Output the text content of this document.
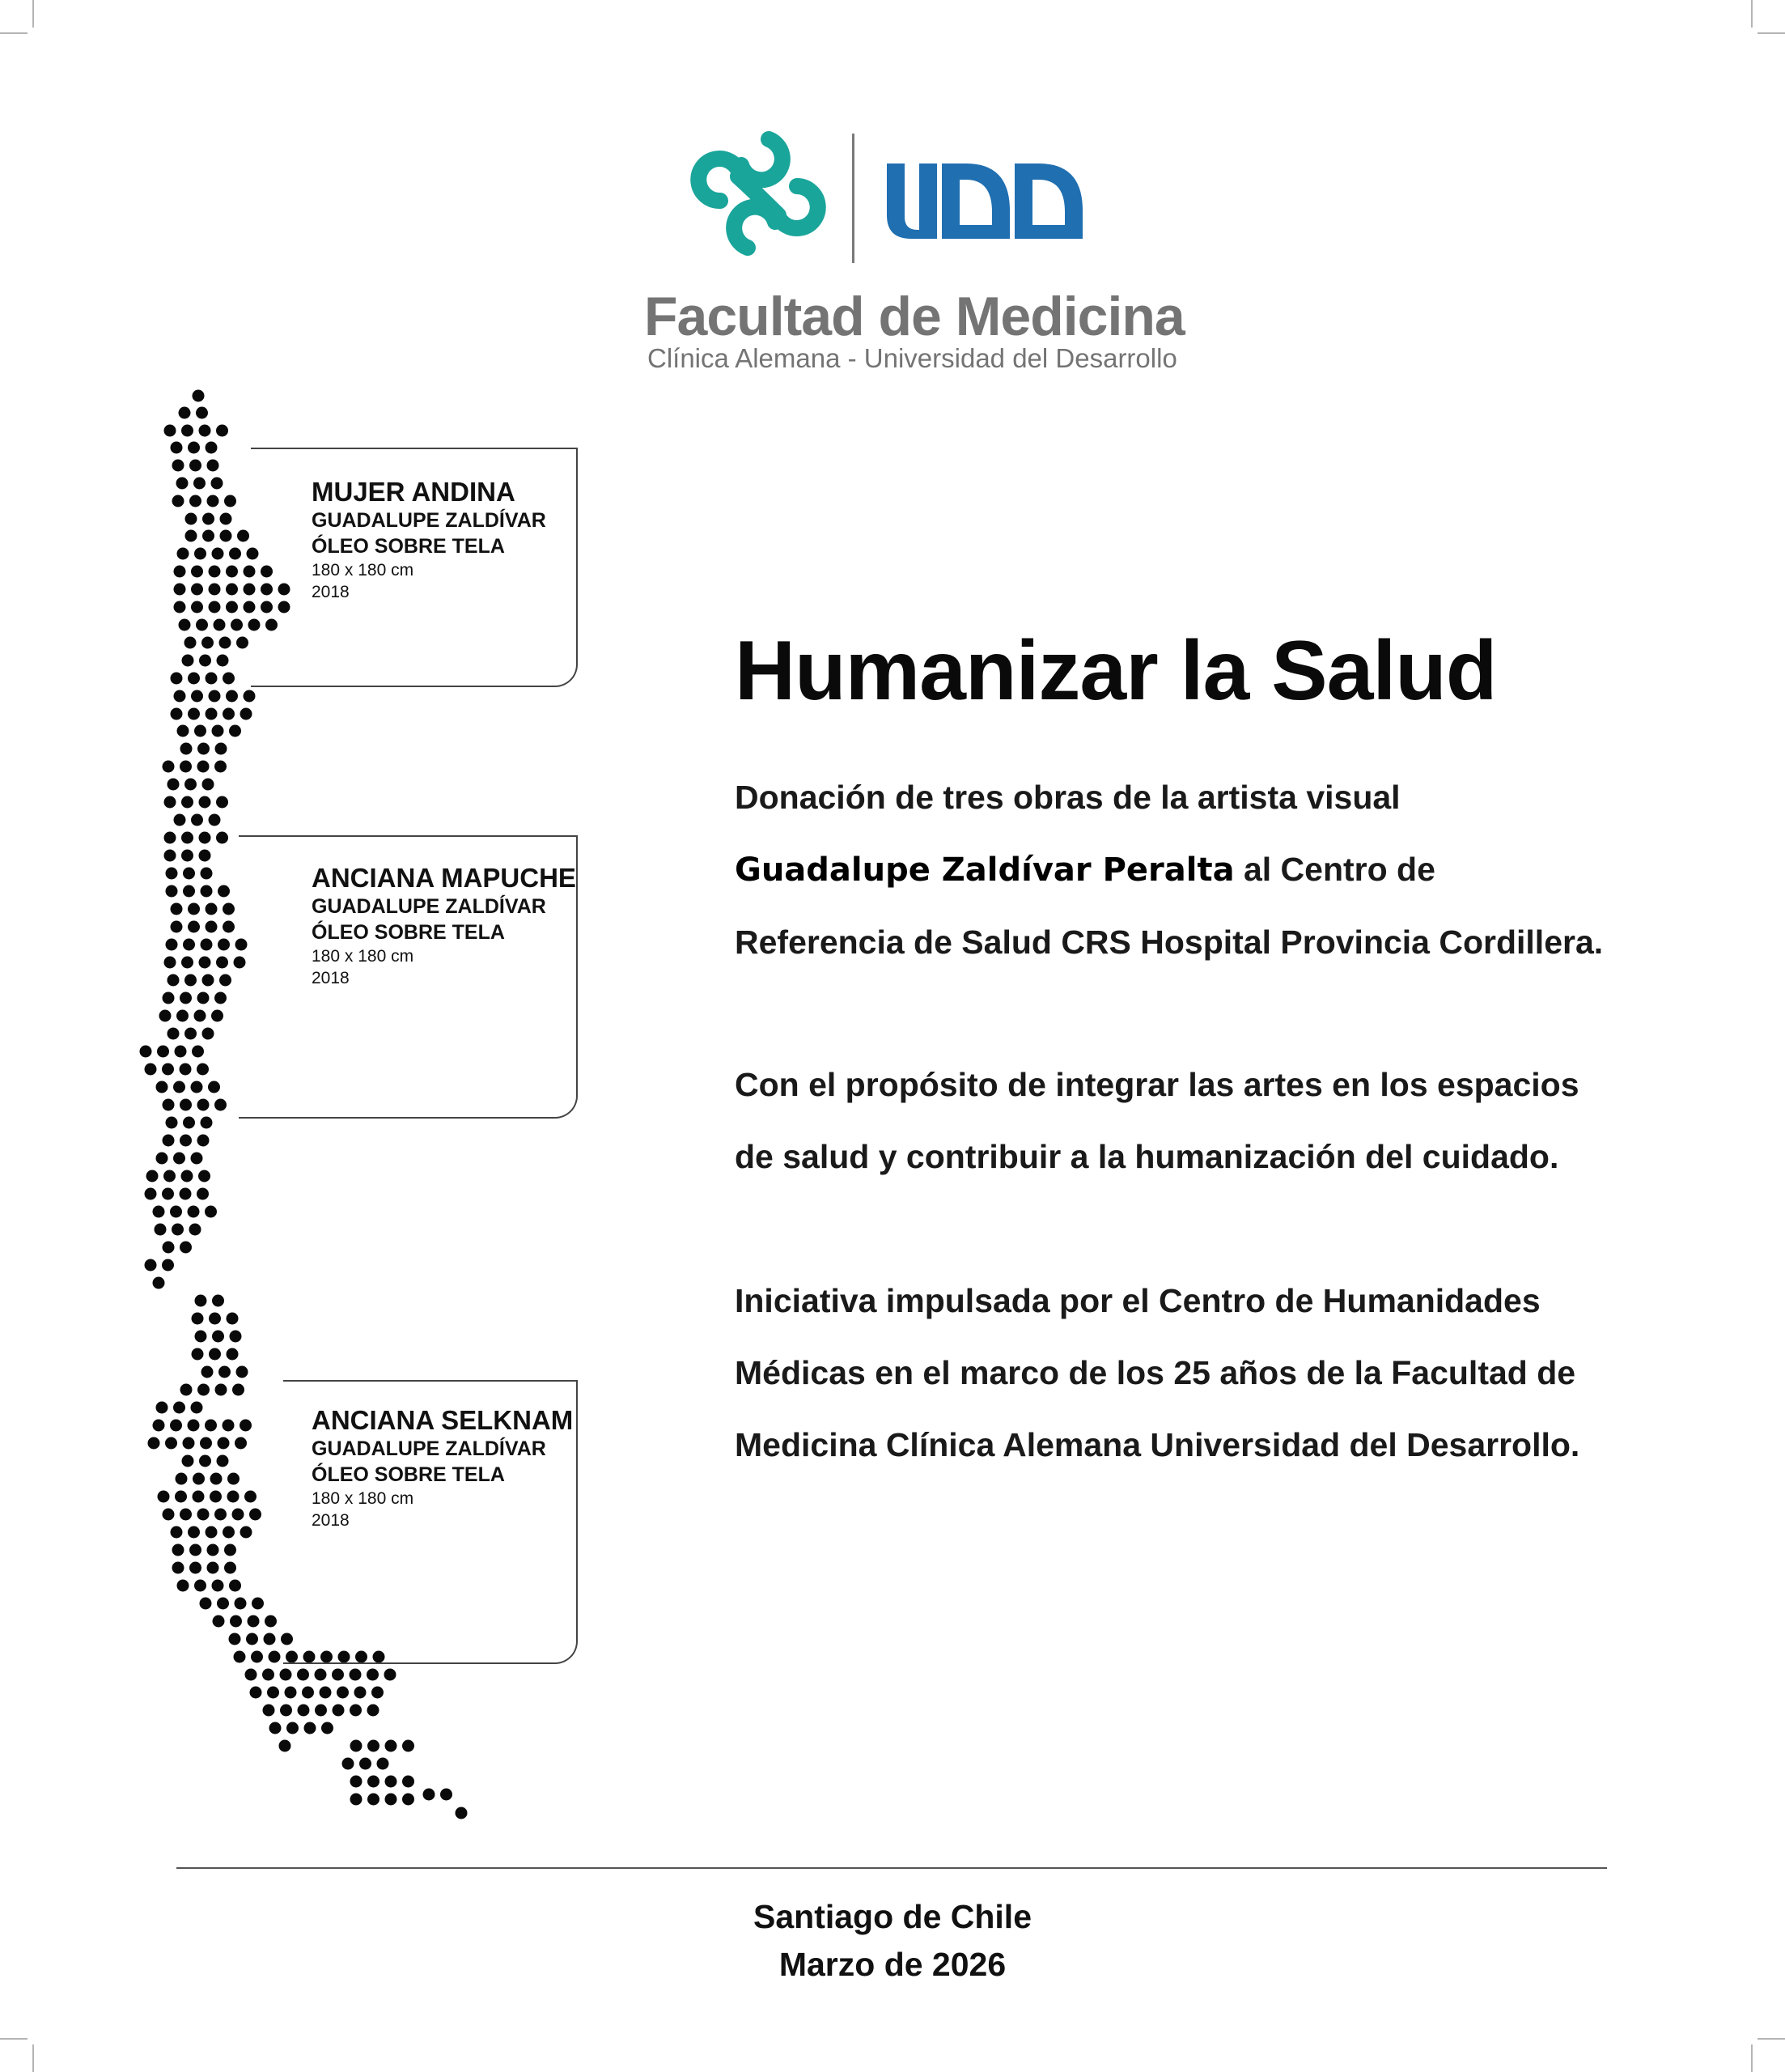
Facultad de Medicina
Clínica Alemana - Universidad del Desarrollo
MUJER ANDINA
GUADALUPE ZALDÍVAR
ÓLEO SOBRE TELA
180 x 180 cm
2018
ANCIANA MAPUCHE
GUADALUPE ZALDÍVAR
ÓLEO SOBRE TELA
180 x 180 cm
2018
ANCIANA SELKNAM
GUADALUPE ZALDÍVAR
ÓLEO SOBRE TELA
180 x 180 cm
2018
Humanizar la Salud
Donación de tres obras de la artista visual
Guadalupe Zaldívar Peralta al Centro de
Referencia de Salud CRS Hospital Provincia Cordillera.
Con el propósito de integrar las artes en los espacios
de salud y contribuir a la humanización del cuidado.
Iniciativa impulsada por el Centro de Humanidades
Médicas en el marco de los 25 años de la Facultad de
Medicina Clínica Alemana Universidad del Desarrollo.
Santiago de Chile
Marzo de 2026
